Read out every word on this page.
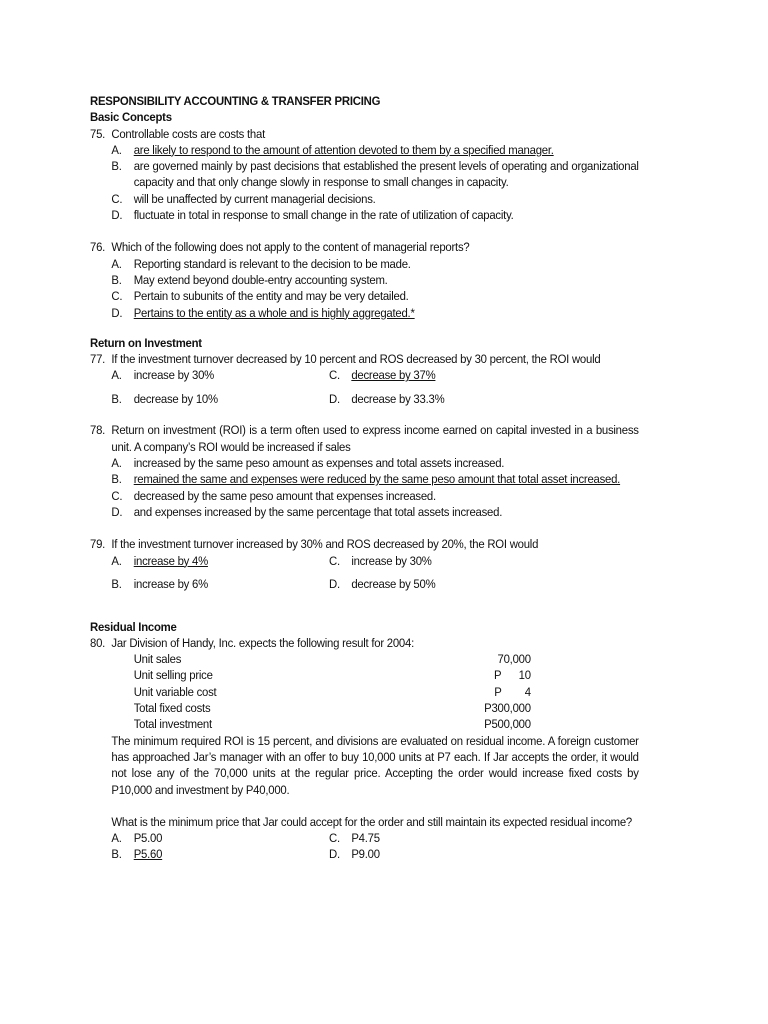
RESPONSIBILITY ACCOUNTING & TRANSFER PRICING
Basic Concepts
75. Controllable costs are costs that
A. are likely to respond to the amount of attention devoted to them by a specified manager.
B. are governed mainly by past decisions that established the present levels of operating and organizational capacity and that only change slowly in response to small changes in capacity.
C. will be unaffected by current managerial decisions.
D. fluctuate in total in response to small change in the rate of utilization of capacity.
76. Which of the following does not apply to the content of managerial reports?
A. Reporting standard is relevant to the decision to be made.
B. May extend beyond double-entry accounting system.
C. Pertain to subunits of the entity and may be very detailed.
D. Pertains to the entity as a whole and is highly aggregated.*
Return on Investment
77. If the investment turnover decreased by 10 percent and ROS decreased by 30 percent, the ROI would
A. increase by 30%	C. decrease by 37%
B. decrease by 10%	D. decrease by 33.3%
78. Return on investment (ROI) is a term often used to express income earned on capital invested in a business unit. A company’s ROI would be increased if sales
A. increased by the same peso amount as expenses and total assets increased.
B. remained the same and expenses were reduced by the same peso amount that total asset increased.
C. decreased by the same peso amount that expenses increased.
D. and expenses increased by the same percentage that total assets increased.
79. If the investment turnover increased by 30% and ROS decreased by 20%, the ROI would
A. increase by 4%	C. increase by 30%
B. increase by 6%	D. decrease by 50%
Residual Income
80. Jar Division of Handy, Inc. expects the following result for 2004:
Unit sales	70,000
Unit selling price	P      10
Unit variable cost	P        4
Total fixed costs	P300,000
Total investment	P500,000
The minimum required ROI is 15 percent, and divisions are evaluated on residual income. A foreign customer has approached Jar’s manager with an offer to buy 10,000 units at P7 each. If Jar accepts the order, it would not lose any of the 70,000 units at the regular price. Accepting the order would increase fixed costs by P10,000 and investment by P40,000.
What is the minimum price that Jar could accept for the order and still maintain its expected residual income?
A. P5.00	C. P4.75
B. P5.60	D. P9.00
